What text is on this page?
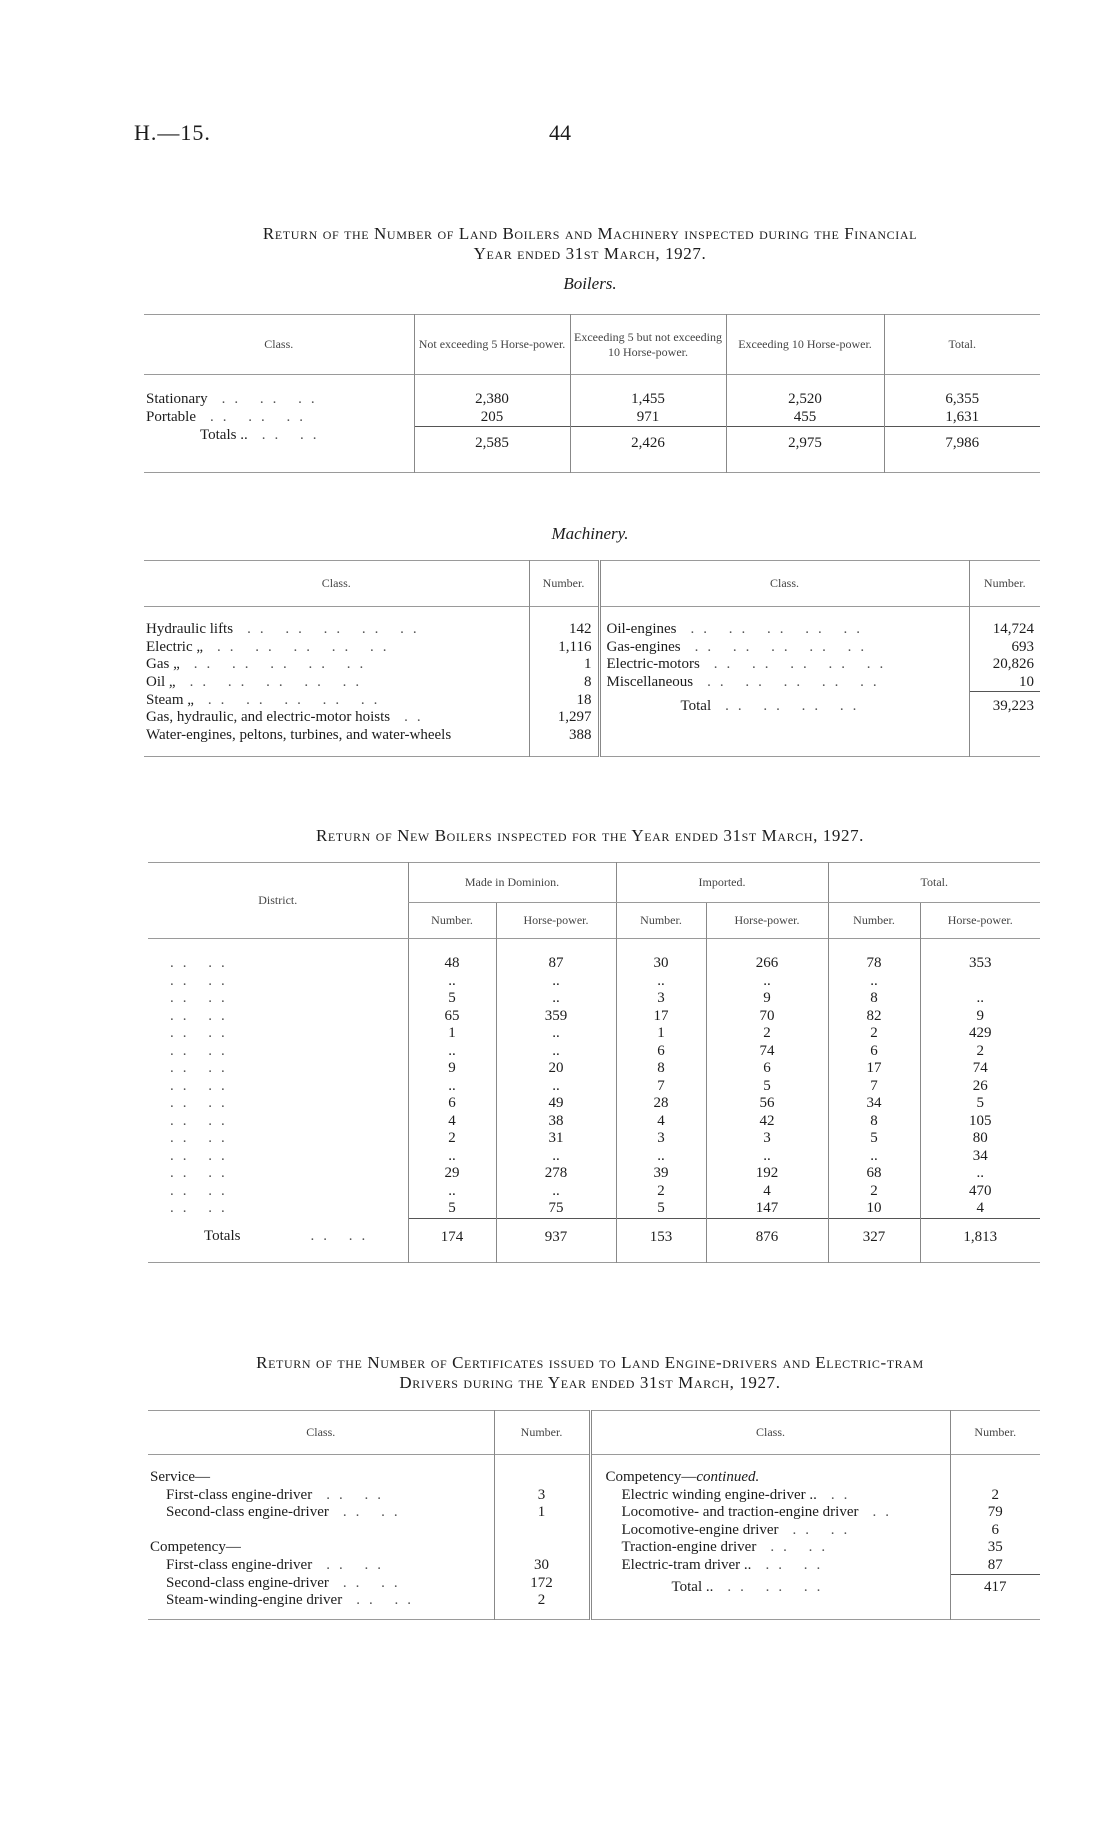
H.—15.	44
Return of the Number of Land Boilers and Machinery inspected during the Financial
Year ended 31st March, 1927.
Boilers.
Class.	Not exceeding 5 Horse-power.	Exceeding 5 but not exceeding 10 Horse-power.	Exceeding 10 Horse-power.	Total.
Stationary .. .. ..	2,380	1,455	2,520	6,355
Portable .. .. ..	205	971	455	1,631
Totals .. .. ..	2,585	2,426	2,975	7,986
Machinery.
Class.	Number.	Class.	Number.
Hydraulic lifts .. .. .. .. ..	142	Oil-engines .. .. .. .. ..	14,724
Electric „ .. .. .. .. ..	1,116	Gas-engines .. .. .. .. ..	693
Gas „ .. .. .. .. ..	1	Electric-motors .. .. .. .. ..	20,826
Oil „ .. .. .. .. ..	8	Miscellaneous .. .. .. .. ..	10
Steam „ .. .. .. .. ..	18	Total .. .. .. ..	39,223
Gas, hydraulic, and electric-motor hoists ..	1,297		
Water-engines, peltons, turbines, and water-wheels	388		

Return of New Boilers inspected for the Year ended 31st March, 1927.
District.	Made in Dominion.		Imported.		Total.	
	Number.	Horse-power.	Number.	Horse-power.	Number.	Horse-power.
.. ..	48	87	30	266	78	353
.. ..	..	..	..	..	..	
.. ..	5	..	3	9	8	..
.. ..	65	359	17	70	82	9
.. ..	1	..	1	2	2	429
.. ..	..	..	6	74	6	2
.. ..	9	20	8	6	17	74
.. ..	..	..	7	5	7	26
.. ..	6	49	28	56	34	5
.. ..	4	38	4	42	8	105
.. ..	2	31	3	3	5	80
.. ..	..	..	..	..	..	34
.. ..	29	278	39	192	68	..
.. ..	..	..	2	4	2	470
.. ..	5	75	5	147	10	4
Totals .. ..	174	937	153	876	327	1,813
Return of the Number of Certificates issued to Land Engine-drivers and Electric-tram
Drivers during the Year ended 31st March, 1927.
Class.	Number.	Class.	Number.
Service—		Competency—continued.	
First-class engine-driver .. ..	3	Electric winding engine-driver .. ..	2
Second-class engine-driver .. ..	1	Locomotive- and traction-engine driver ..	79
		Locomotive-engine driver .. ..	6
Competency—		Traction-engine driver .. ..	35
First-class engine-driver .. ..	30	Electric-tram driver .. .. ..	87
Second-class engine-driver .. ..	172	Total .. .. .. ..	417
Steam-winding-engine driver .. ..	2		
